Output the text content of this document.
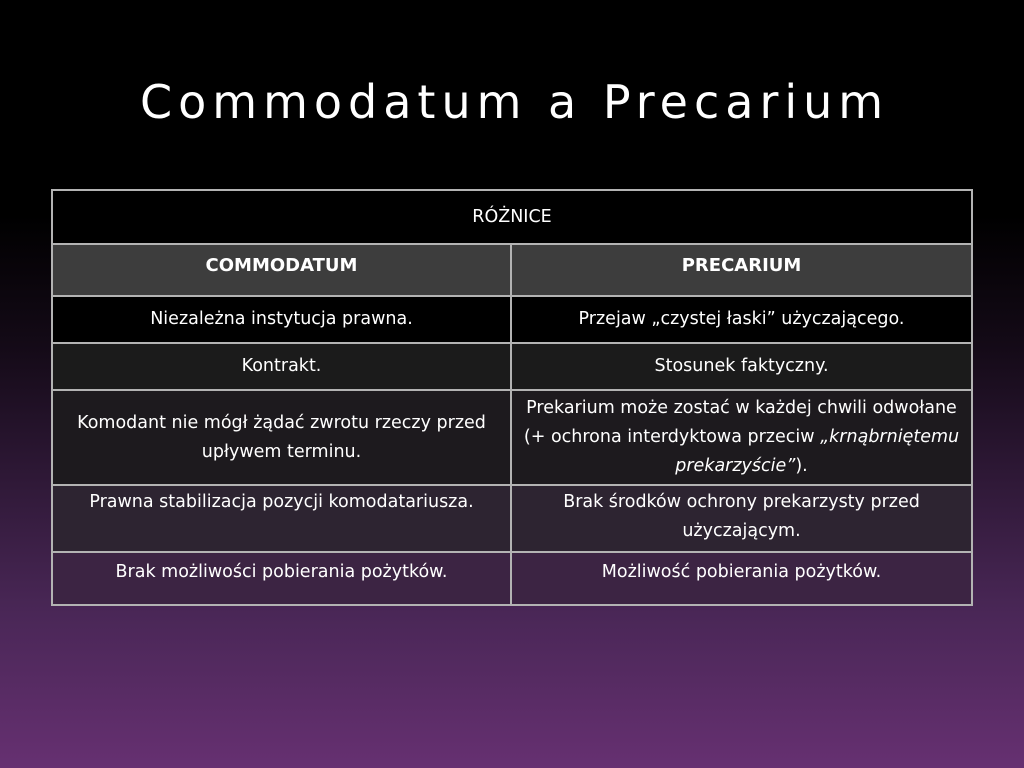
Commodatum a Precarium
RÓŻNICE	
COMMODATUM	PRECARIUM
Niezależna instytucja prawna.	Przejaw „czystej łaski” użyczającego.
Kontrakt.	Stosunek faktyczny.
Komodant nie mógł żądać zwrotu rzeczy przed upływem terminu.	Prekarium może zostać w każdej chwili odwołane (+ ochrona interdyktowa przeciw „krnąbrniętemu prekarzyście”).
Prawna stabilizacja pozycji komodatariusza.	Brak środków ochrony prekarzysty przed użyczającym.
Brak możliwości pobierania pożytków.	Możliwość pobierania pożytków.
